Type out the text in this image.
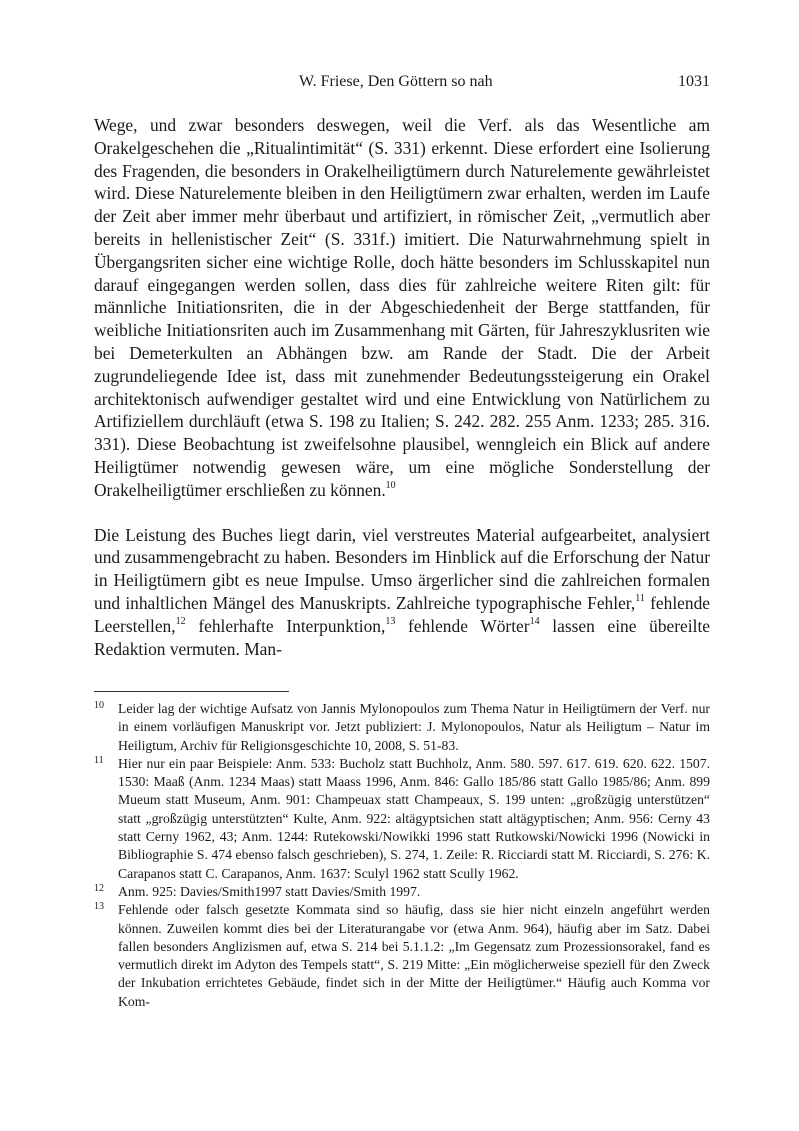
W. Friese, Den Göttern so nah	1031

Wege, und zwar besonders deswegen, weil die Verf. als das Wesentliche am Orakelgeschehen die „Ritualintimität“ (S. 331) erkennt. Diese erfordert eine Isolierung des Fragenden, die besonders in Orakelheiligtümern durch Naturelemente gewährleistet wird. Diese Naturelemente bleiben in den Heiligtümern zwar erhalten, werden im Laufe der Zeit aber immer mehr überbaut und artifiziert, in römischer Zeit, „vermutlich aber bereits in hellenistischer Zeit“ (S. 331f.) imitiert. Die Naturwahrnehmung spielt in Übergangsriten sicher eine wichtige Rolle, doch hätte besonders im Schlusskapitel nun darauf eingegangen werden sollen, dass dies für zahlreiche weitere Riten gilt: für männliche Initiationsriten, die in der Abgeschiedenheit der Berge stattfanden, für weibliche Initiationsriten auch im Zusammenhang mit Gärten, für Jahreszyklusriten wie bei Demeterkulten an Abhängen bzw. am Rande der Stadt. Die der Arbeit zugrundeliegende Idee ist, dass mit zunehmender Bedeutungssteigerung ein Orakel architektonisch aufwendiger gestaltet wird und eine Entwicklung von Natürlichem zu Artifiziellem durchläuft (etwa S. 198 zu Italien; S. 242. 282. 255 Anm. 1233; 285. 316. 331). Diese Beobachtung ist zweifelsohne plausibel, wenngleich ein Blick auf andere Heiligtümer notwendig gewesen wäre, um eine mögliche Sonderstellung der Orakelheiligtümer erschließen zu können.$^{10}$

Die Leistung des Buches liegt darin, viel verstreutes Material aufgearbeitet, analysiert und zusammengebracht zu haben. Besonders im Hinblick auf die Erforschung der Natur in Heiligtümern gibt es neue Impulse. Umso ärgerlicher sind die zahlreichen formalen und inhaltlichen Mängel des Manuskripts. Zahlreiche typographische Fehler,$^{11}$ fehlende Leerstellen,$^{12}$ fehlerhafte Interpunktion,$^{13}$ fehlende Wörter$^{14}$ lassen eine übereilte Redaktion vermuten. Man-

10 Leider lag der wichtige Aufsatz von Jannis Mylonopoulos zum Thema Natur in Heiligtümern der Verf. nur in einem vorläufigen Manuskript vor. Jetzt publiziert: J. Mylonopoulos, Natur als Heiligtum – Natur im Heiligtum, Archiv für Religionsgeschichte 10, 2008, S. 51-83.
11 Hier nur ein paar Beispiele: Anm. 533: Bucholz statt Buchholz, Anm. 580. 597. 617. 619. 620. 622. 1507. 1530: Maaß (Anm. 1234 Maas) statt Maass 1996, Anm. 846: Gallo 185/86 statt Gallo 1985/86; Anm. 899 Mueum statt Museum, Anm. 901: Champeuax statt Champeaux, S. 199 unten: „großzügig unterstützen“ statt „großzügig unterstützten“ Kulte, Anm. 922: altägyptsichen statt altägyptischen; Anm. 956: Cerny 43 statt Cerny 1962, 43; Anm. 1244: Rutekowski/Nowikki 1996 statt Rutkowski/Nowicki 1996 (Nowicki in Bibliographie S. 474 ebenso falsch geschrieben), S. 274, 1. Zeile: R. Ricciardi statt M. Ricciardi, S. 276: K. Carapanos statt C. Carapanos, Anm. 1637: Sculyl 1962 statt Scully 1962.
12 Anm. 925: Davies/Smith1997 statt Davies/Smith 1997.
13 Fehlende oder falsch gesetzte Kommata sind so häufig, dass sie hier nicht einzeln angeführt werden können. Zuweilen kommt dies bei der Literaturangabe vor (etwa Anm. 964), häufig aber im Satz. Dabei fallen besonders Anglizismen auf, etwa S. 214 bei 5.1.1.2: „Im Gegensatz zum Prozessionsorakel, fand es vermutlich direkt im Adyton des Tempels statt“, S. 219 Mitte: „Ein möglicherweise speziell für den Zweck der Inkubation errichtetes Gebäude, findet sich in der Mitte der Heiligtümer.“ Häufig auch Komma vor Kom-
